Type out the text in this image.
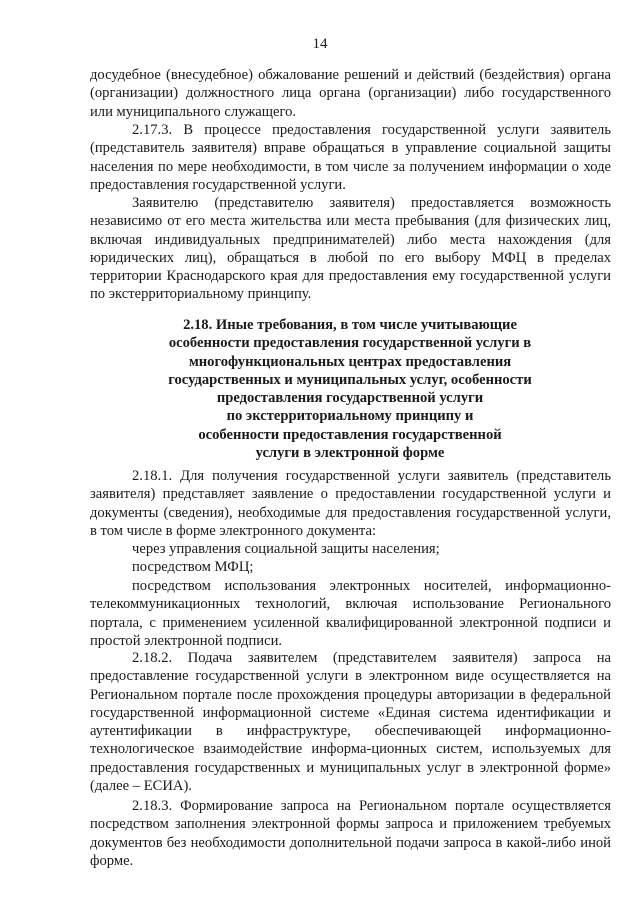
14

досудебное (внесудебное) обжалование решений и действий (бездействия) органа (организации) должностного лица органа (организации) либо государственного или муниципального служащего.

2.17.3. В процессе предоставления государственной услуги заявитель (представитель заявителя) вправе обращаться в управление социальной защиты населения по мере необходимости, в том числе за получением информации о ходе предоставления государственной услуги.

Заявителю (представителю заявителя) предоставляется возможность независимо от его места жительства или места пребывания (для физических лиц, включая индивидуальных предпринимателей) либо места нахождения (для юридических лиц), обращаться в любой по его выбору МФЦ в пределах территории Краснодарского края для предоставления ему государственной услуги по экстерриториальному принципу.

2.18. Иные требования, в том числе учитывающие
особенности предоставления государственной услуги в
многофункциональных центрах предоставления
государственных и муниципальных услуг, особенности
предоставления государственной услуги
по экстерриториальному принципу и
особенности предоставления государственной
услуги в электронной форме

2.18.1. Для получения государственной услуги заявитель (представитель заявителя) представляет заявление о предоставлении государственной услуги и документы (сведения), необходимые для предоставления государственной услуги, в том числе в форме электронного документа:

через управления социальной защиты населения;

посредством МФЦ;

посредством использования электронных носителей, информационно-телекоммуникационных технологий, включая использование Регионального портала, с применением усиленной квалифицированной электронной подписи и простой электронной подписи.

2.18.2. Подача заявителем (представителем заявителя) запроса на предоставление государственной услуги в электронном виде осуществляется на Региональном портале после прохождения процедуры авторизации в федеральной государственной информационной системе «Единая система идентификации и аутентификации в инфраструктуре, обеспечивающей информационно-технологическое взаимодействие информа-ционных систем, используемых для предоставления государственных и муниципальных услуг в электронной форме» (далее – ЕСИА).

2.18.3. Формирование запроса на Региональном портале осуществляется посредством заполнения электронной формы запроса и приложением требуемых документов без необходимости дополнительной подачи запроса в какой-либо иной форме.
